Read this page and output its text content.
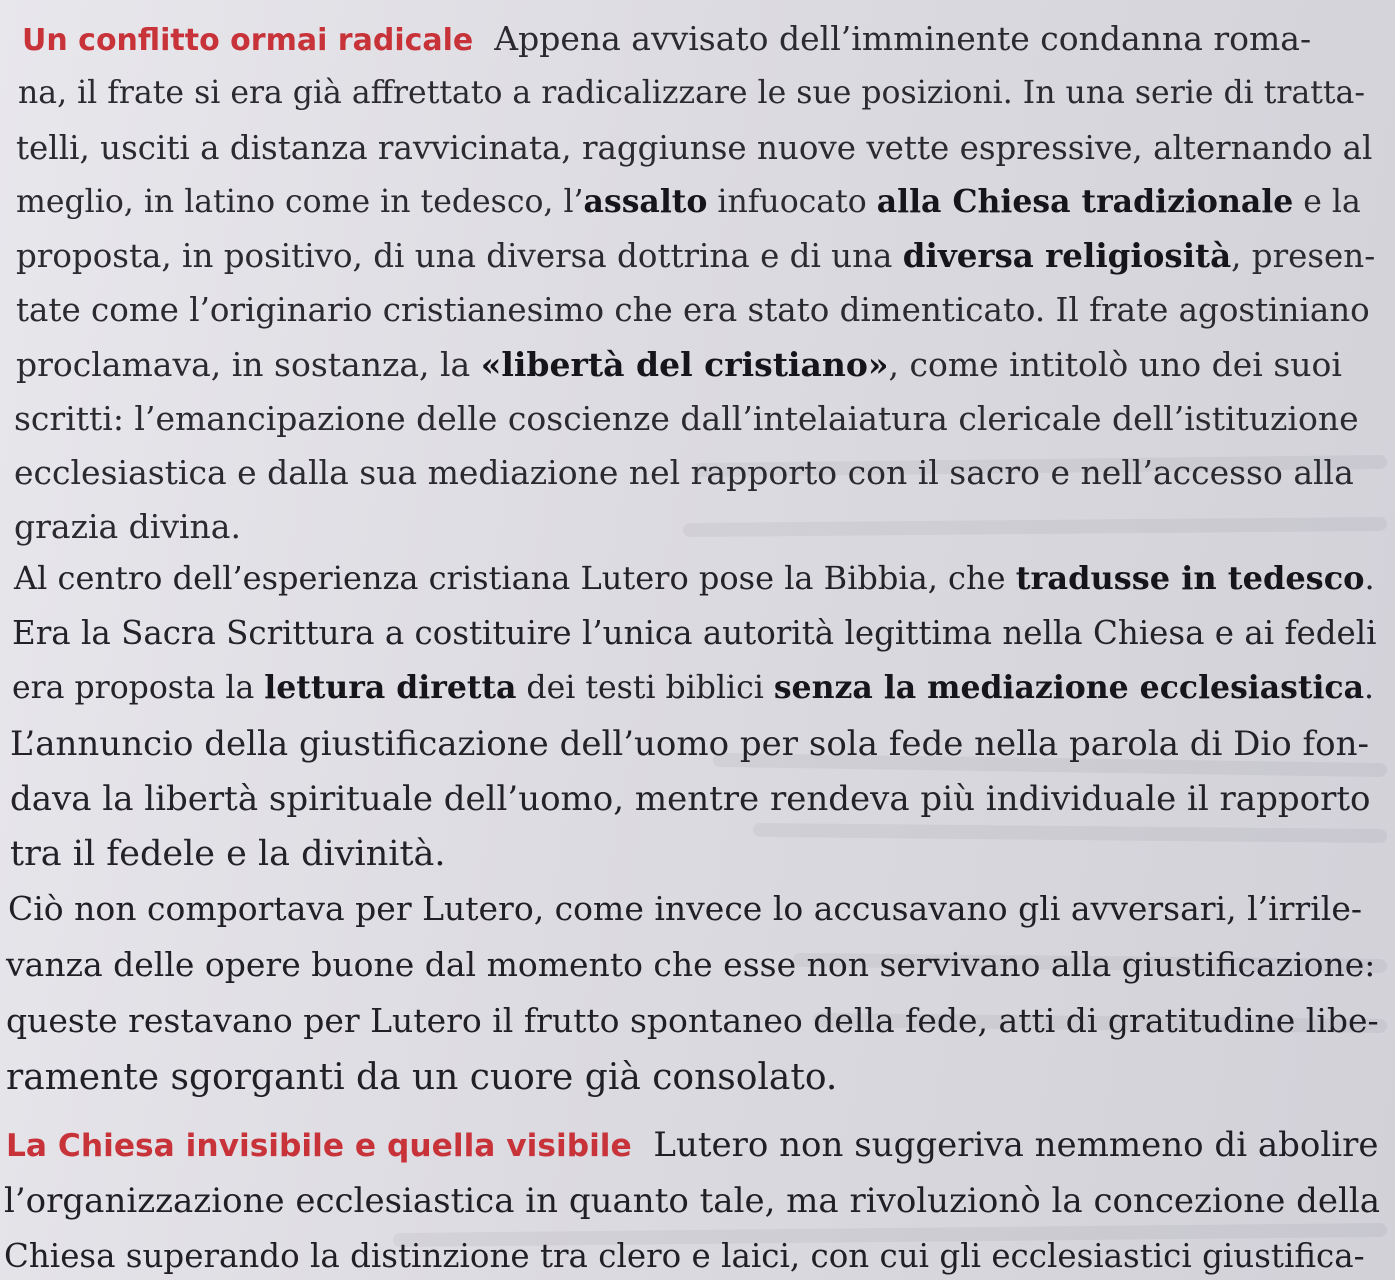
Un conflitto ormai radicale Appena avvisato dell’imminente condanna roma-
na, il frate si era già affrettato a radicalizzare le sue posizioni. In una serie di tratta-
telli, usciti a distanza ravvicinata, raggiunse nuove vette espressive, alternando al
meglio, in latino come in tedesco, l’assalto infuocato alla Chiesa tradizionale e la
proposta, in positivo, di una diversa dottrina e di una diversa religiosità, presen-
tate come l’originario cristianesimo che era stato dimenticato. Il frate agostiniano
proclamava, in sostanza, la «libertà del cristiano», come intitolò uno dei suoi
scritti: l’emancipazione delle coscienze dall’intelaiatura clericale dell’istituzione
ecclesiastica e dalla sua mediazione nel rapporto con il sacro e nell’accesso alla
grazia divina.
Al centro dell’esperienza cristiana Lutero pose la Bibbia, che tradusse in tedesco.
Era la Sacra Scrittura a costituire l’unica autorità legittima nella Chiesa e ai fedeli
era proposta la lettura diretta dei testi biblici senza la mediazione ecclesiastica.
L’annuncio della giustificazione dell’uomo per sola fede nella parola di Dio fon-
dava la libertà spirituale dell’uomo, mentre rendeva più individuale il rapporto
tra il fedele e la divinità.
Ciò non comportava per Lutero, come invece lo accusavano gli avversari, l’irrile-
vanza delle opere buone dal momento che esse non servivano alla giustificazione:
queste restavano per Lutero il frutto spontaneo della fede, atti di gratitudine libe-
ramente sgorganti da un cuore già consolato.
La Chiesa invisibile e quella visibile Lutero non suggeriva nemmeno di abolire
l’organizzazione ecclesiastica in quanto tale, ma rivoluzionò la concezione della
Chiesa superando la distinzione tra clero e laici, con cui gli ecclesiastici giustifica-
